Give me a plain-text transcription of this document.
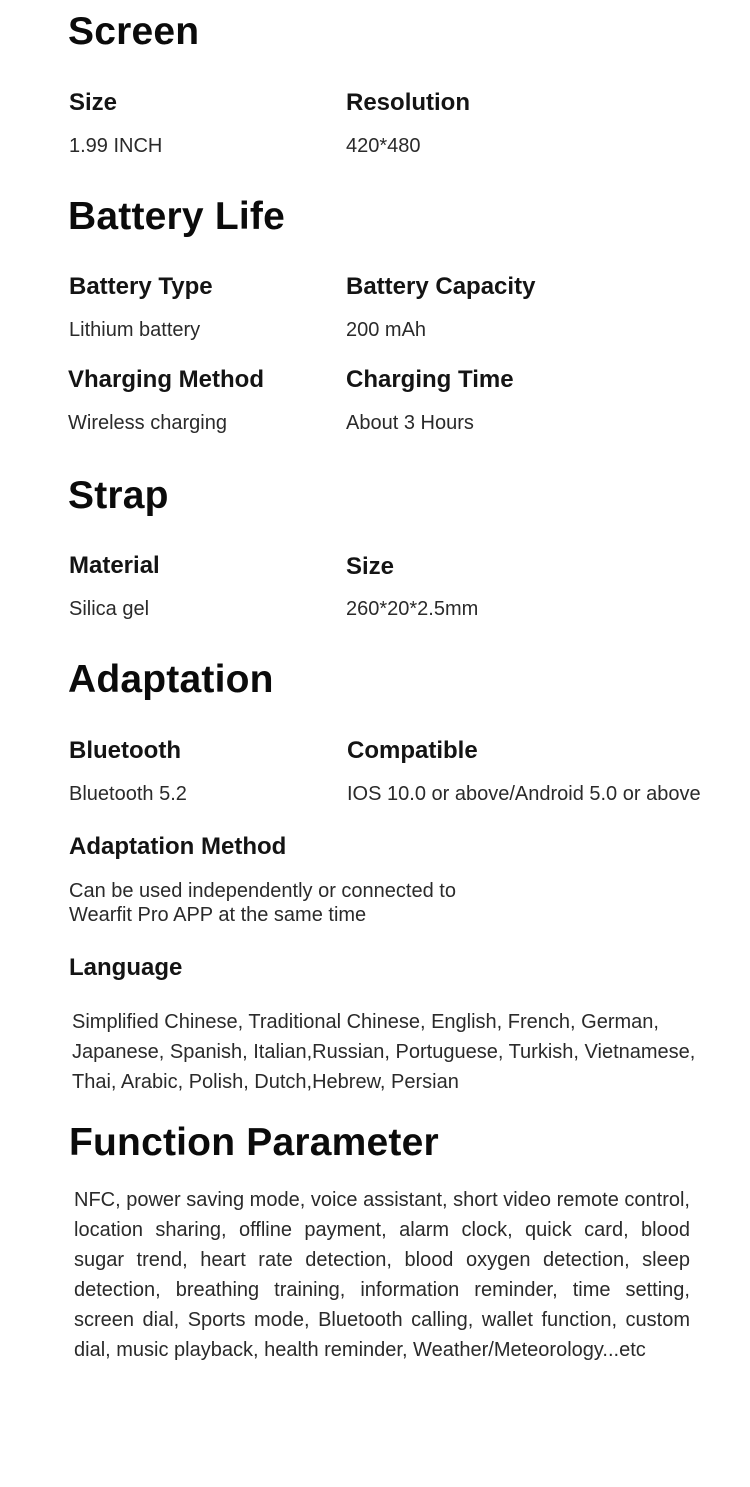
Screen
Size
1.99 INCH
Resolution
420*480
Battery Life
Battery Type
Lithium battery
Battery Capacity
200 mAh
Vharging Method
Wireless charging
Charging Time
About 3 Hours
Strap
Material
Silica gel
Size
260*20*2.5mm
Adaptation
Bluetooth
Bluetooth 5.2
Compatible
IOS 10.0 or above/Android 5.0 or above
Adaptation Method
Can be used independently or connected to Wearfit Pro APP at the same time
Language
Simplified Chinese, Traditional Chinese, English, French, German, Japanese, Spanish, Italian,Russian, Portuguese, Turkish, Vietnamese, Thai, Arabic, Polish, Dutch,Hebrew, Persian
Function Parameter
NFC, power saving mode, voice assistant, short video remote control, location sharing, offline payment, alarm clock, quick card, blood sugar trend, heart rate detection, blood oxygen detection, sleep detection, breathing training, information reminder, time setting, screen dial, Sports mode, Bluetooth calling, wallet function, custom dial, music playback, health reminder, Weather/Meteorology...etc
